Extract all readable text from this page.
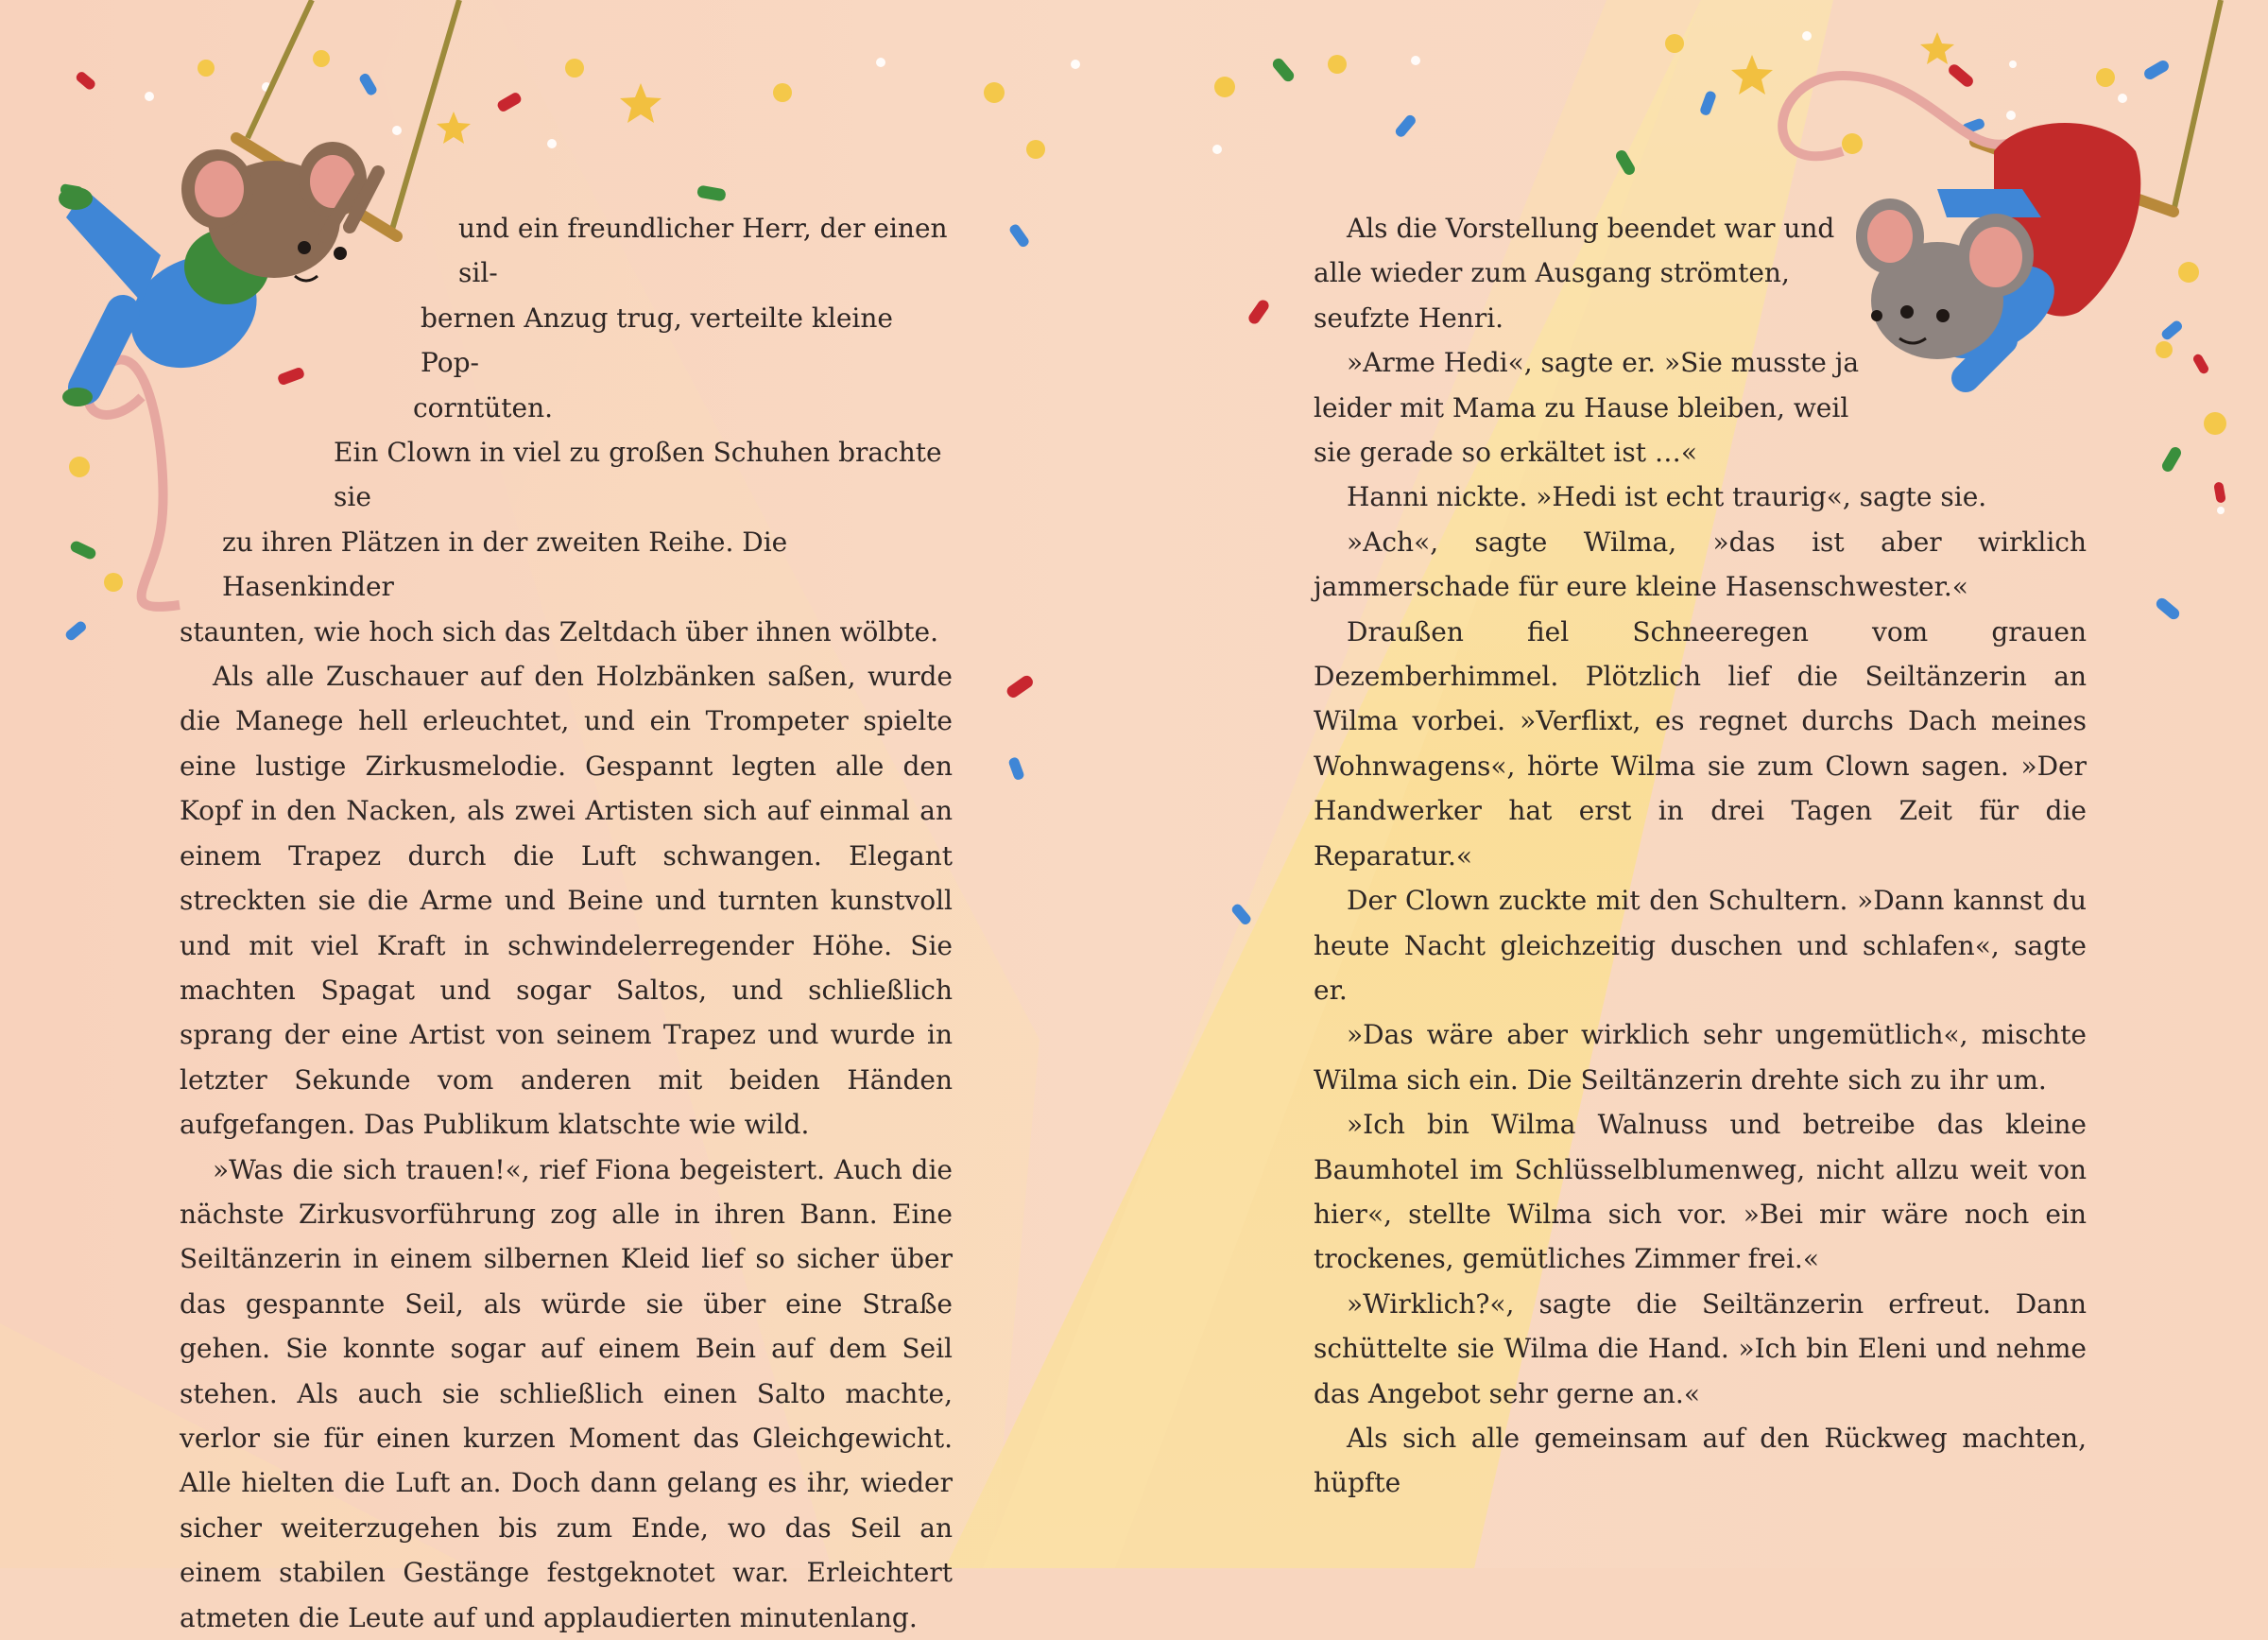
und ein freundlicher Herr, der einen sil-
bernen Anzug trug, verteilte kleine Pop-
corntüten.
Ein Clown in viel zu großen Schuhen brachte sie
zu ihren Plätzen in der zweiten Reihe. Die Hasenkinder
staunten, wie hoch sich das Zeltdach über ihnen wölbte.

Als alle Zuschauer auf den Holzbänken saßen, wurde die Manege hell erleuchtet, und ein Trompeter spielte eine lustige Zirkusmelodie. Gespannt legten alle den Kopf in den Nacken, als zwei Artisten sich auf einmal an einem Trapez durch die Luft schwangen. Elegant streckten sie die Arme und Beine und turnten kunstvoll und mit viel Kraft in schwindelerregender Höhe. Sie machten Spagat und sogar Saltos, und schließlich sprang der eine Artist von seinem Trapez und wurde in letzter Sekunde vom anderen mit beiden Händen aufgefangen. Das Publikum klatschte wie wild.

»Was die sich trauen!«, rief Fiona begeistert. Auch die nächste Zirkusvorführung zog alle in ihren Bann. Eine Seiltänzerin in einem silbernen Kleid lief so sicher über das gespannte Seil, als würde sie über eine Straße gehen. Sie konnte sogar auf einem Bein auf dem Seil stehen. Als auch sie schließlich einen Salto machte, verlor sie für einen kurzen Moment das Gleichgewicht. Alle hielten die Luft an. Doch dann gelang es ihr, wieder sicher weiterzugehen bis zum Ende, wo das Seil an einem stabilen Gestänge festgeknotet war. Erleichtert atmeten die Leute auf und applaudierten minutenlang.

Als die Vorstellung beendet war und
alle wieder zum Ausgang strömten,
seufzte Henri.
»Arme Hedi«, sagte er. »Sie musste ja
leider mit Mama zu Hause bleiben, weil
sie gerade so erkältet ist …«

Hanni nickte. »Hedi ist echt traurig«, sagte sie.

»Ach«, sagte Wilma, »das ist aber wirklich jammerschade für eure kleine Hasenschwester.«

Draußen fiel Schneeregen vom grauen Dezemberhimmel. Plötzlich lief die Seiltänzerin an Wilma vorbei. »Verflixt, es regnet durchs Dach meines Wohnwagens«, hörte Wilma sie zum Clown sagen. »Der Handwerker hat erst in drei Tagen Zeit für die Reparatur.«

Der Clown zuckte mit den Schultern. »Dann kannst du heute Nacht gleichzeitig duschen und schlafen«, sagte er.

»Das wäre aber wirklich sehr ungemütlich«, mischte Wilma sich ein. Die Seiltänzerin drehte sich zu ihr um.

»Ich bin Wilma Walnuss und betreibe das kleine Baumhotel im Schlüsselblumenweg, nicht allzu weit von hier«, stellte Wilma sich vor. »Bei mir wäre noch ein trockenes, gemütliches Zimmer frei.«

»Wirklich?«, sagte die Seiltänzerin erfreut. Dann schüttelte sie Wilma die Hand. »Ich bin Eleni und nehme das Angebot sehr gerne an.«

Als sich alle gemeinsam auf den Rückweg machten, hüpfte
